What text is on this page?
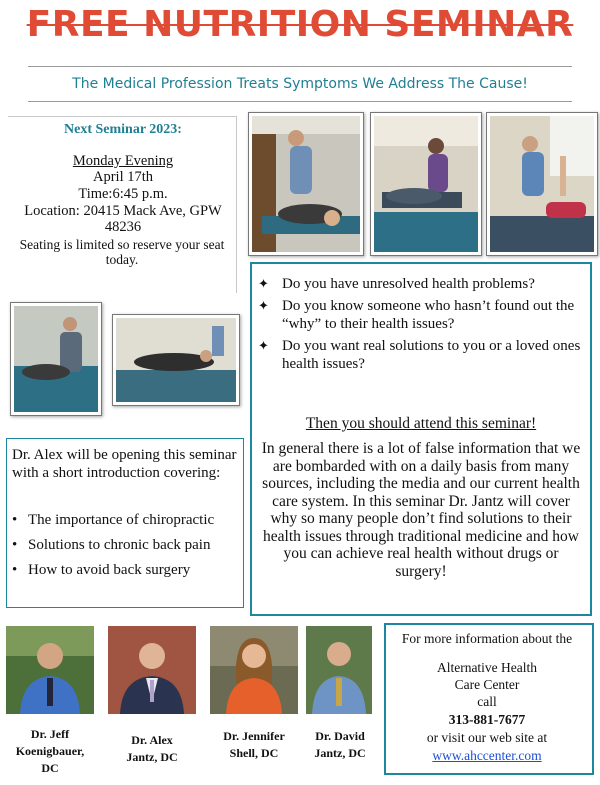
FREE NUTRITION SEMINAR
The Medical Profession Treats Symptoms We Address The Cause!
Next Seminar 2023:
Monday Evening
April 17th
Time:6:45 p.m.
Location: 20415 Mack Ave, GPW 48236
Seating is limited so reserve your seat today.
✦ Do you have unresolved health problems?
✦ Do you know someone who hasn’t found out the “why” to their health issues?
✦ Do you want real solutions to you or a loved ones health issues?
Then you should attend this seminar!
In general there is a lot of false information that we are bombarded with on a daily basis from many sources, including the media and our current health care system. In this seminar Dr. Jantz will cover why so many people don’t find solutions to their health issues through traditional medicine and how you can achieve real health without drugs or surgery!
Dr. Alex will be opening this seminar with a short introduction covering:
• The importance of chiropractic
• Solutions to chronic back pain
• How to avoid back surgery
Dr. Jeff
Koenigbauer,
DC
Dr. Alex
Jantz, DC
Dr. Jennifer
Shell, DC
Dr. David
Jantz, DC
For more information about the
Alternative Health
Care Center
call
313-881-7677
or visit our web site at
www.ahccenter.com
